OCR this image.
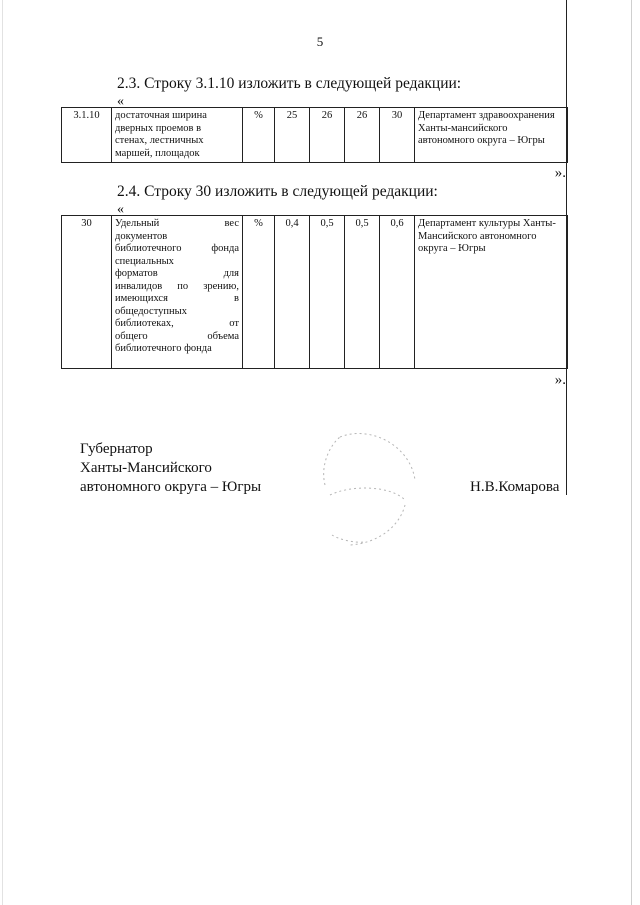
5
2.3. Строку 3.1.10 изложить в следующей редакции:
«
3.1.10	достаточная ширина
дверных проемов в
стенах, лестничных
маршей, площадок
	%	25	26	26	30	Департамент здравоохранения
Ханты-мансийского
автономного округа – Югры
».
2.4. Строку 30 изложить в следующей редакции:
«
30	Удельный вес
документов
библиотечного фонда
специальных
форматов для
инвалидов по зрению,
имеющихся в
общедоступных
библиотеках, от
общего объема
библиотечного фонда
	%	0,4	0,5	0,5	0,6	Департамент культуры Ханты-
Мансийского автономного
округа – Югры
».
Губернатор
Ханты-Мансийского
автономного округа – Югры	Н.В.Комарова
